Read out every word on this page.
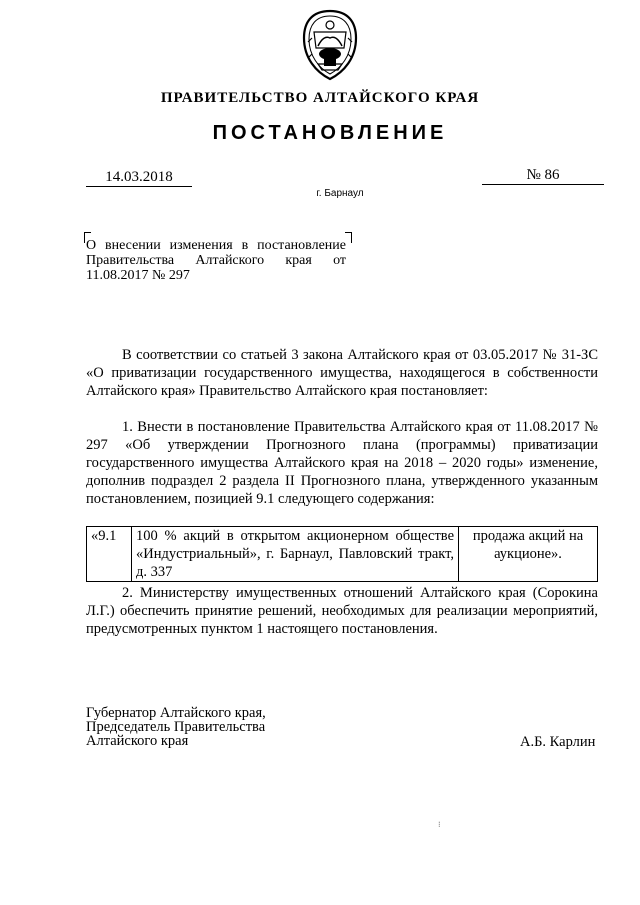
ПРАВИТЕЛЬСТВО АЛТАЙСКОГО КРАЯ
ПОСТАНОВЛЕНИЕ
14.03.2018	№ 86
г. Барнаул
О внесении изменения в постановление Правительства Алтайского края от 11.08.2017 № 297
В соответствии со статьей 3 закона Алтайского края от 03.05.2017 № 31-ЗС «О приватизации государственного имущества, находящегося в собственности Алтайского края» Правительство Алтайского края постановляет:
1. Внести в постановление Правительства Алтайского края от 11.08.2017 № 297 «Об утверждении Прогнозного плана (программы) приватизации государственного имущества Алтайского края на 2018 – 2020 годы» изменение, дополнив подраздел 2 раздела II Прогнозного плана, утвержденного указанным постановлением, позицией 9.1 следующего содержания:
«9.1	100 % акций в открытом акционерном обществе «Индустриальный», г. Барнаул, Павловский тракт, д. 337	продажа акций на аукционе».
2. Министерству имущественных отношений Алтайского края (Сорокина Л.Г.) обеспечить принятие решений, необходимых для реализации мероприятий, предусмотренных пунктом 1 настоящего постановления.
Губернатор Алтайского края,
Председатель Правительства
Алтайского края	А.Б. Карлин
⁝
